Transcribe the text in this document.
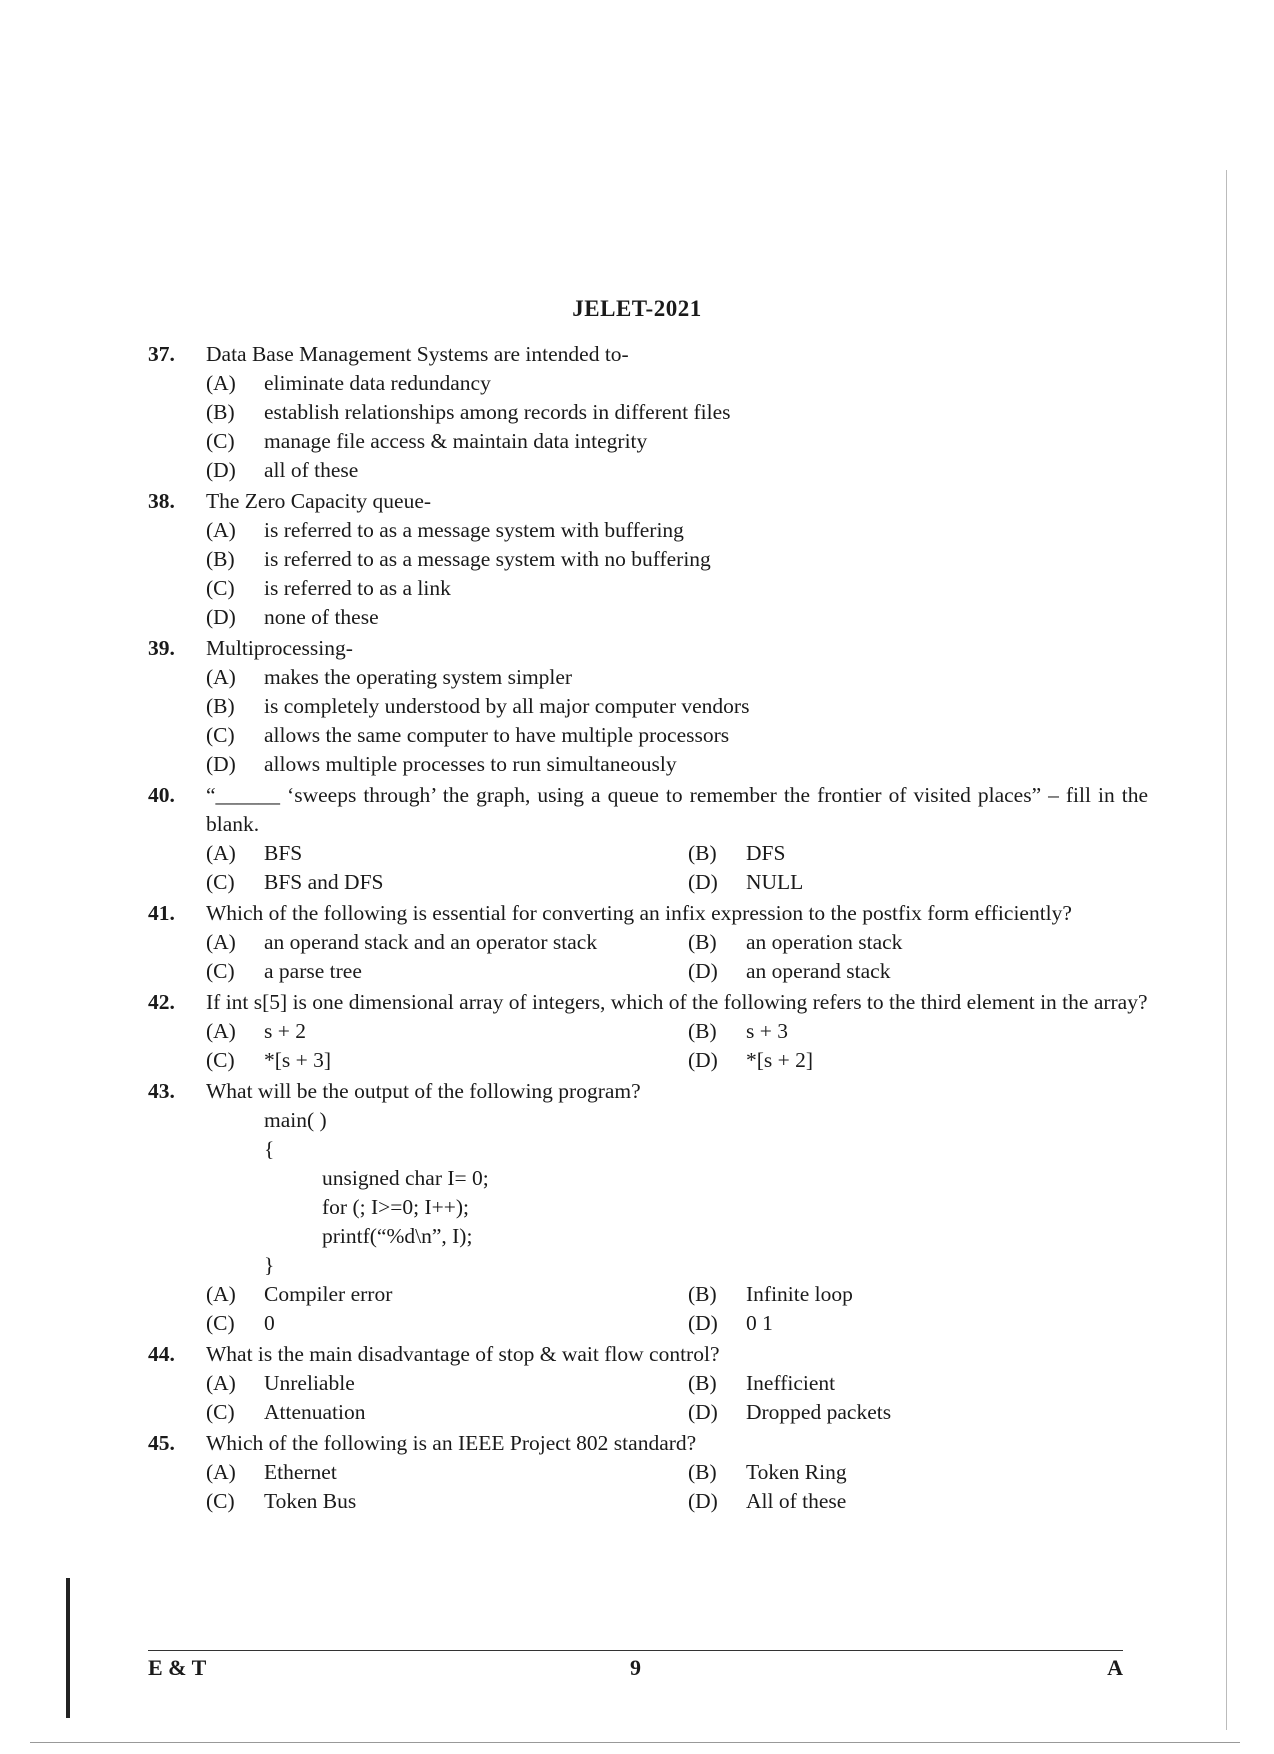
JELET-2021
37. Data Base Management Systems are intended to-
(A)	eliminate data redundancy
(B)	establish relationships among records in different files
(C)	manage file access & maintain data integrity
(D)	all of these
38. The Zero Capacity queue-
(A)	is referred to as a message system with buffering
(B)	is referred to as a message system with no buffering
(C)	is referred to as a link
(D)	none of these
39. Multiprocessing-
(A)	makes the operating system simpler
(B)	is completely understood by all major computer vendors
(C)	allows the same computer to have multiple processors
(D)	allows multiple processes to run simultaneously
40. “______ ‘sweeps through’ the graph, using a queue to remember the frontier of visited places” – fill in the blank.
(A)	BFS	(B)	DFS
(C)	BFS and DFS	(D)	NULL
41. Which of the following is essential for converting an infix expression to the postfix form efficiently?
(A)	an operand stack and an operator stack	(B)	an operation stack
(C)	a parse tree	(D)	an operand stack
42. If int s[5] is one dimensional array of integers, which of the following refers to the third element in the array?
(A)	s + 2	(B)	s + 3
(C)	*[s + 3]	(D)	*[s + 2]
43. What will be the output of the following program?
main( )
{
unsigned char I= 0;
for (; I>=0; I++);
printf(“%d\n”, I);
}
(A)	Compiler error	(B)	Infinite loop
(C)	0	(D)	0 1
44. What is the main disadvantage of stop & wait flow control?
(A)	Unreliable	(B)	Inefficient
(C)	Attenuation	(D)	Dropped packets
45. Which of the following is an IEEE Project 802 standard?
(A)	Ethernet	(B)	Token Ring
(C)	Token Bus	(D)	All of these
E & T	9	A
